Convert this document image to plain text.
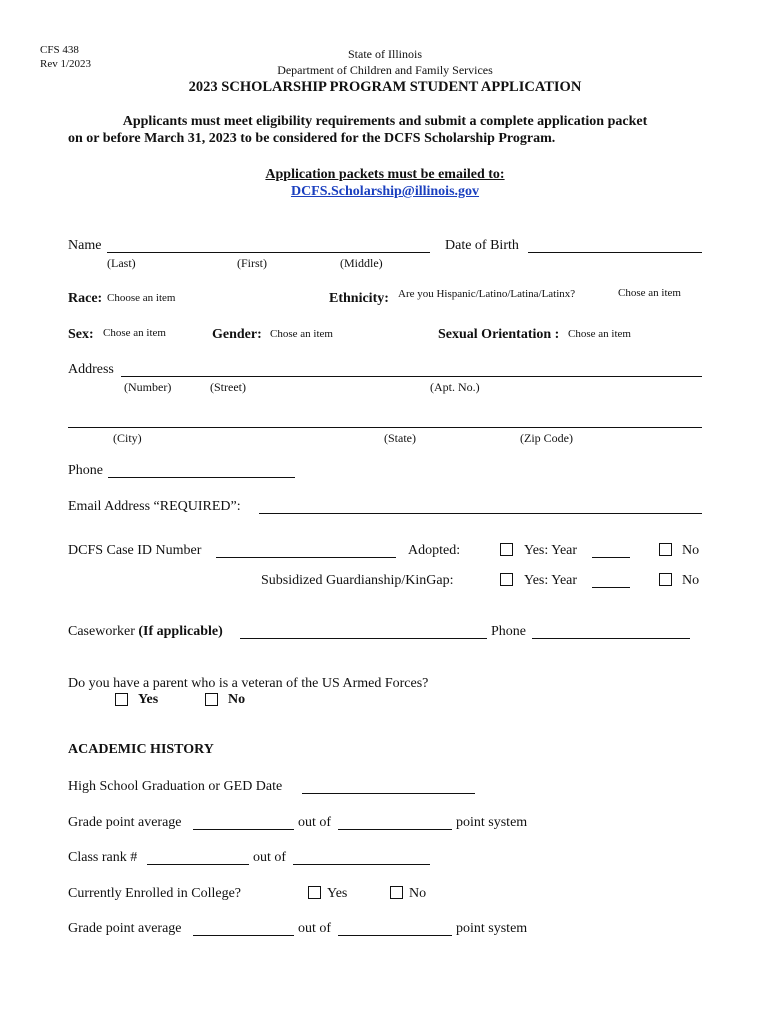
CFS 438
Rev 1/2023
State of Illinois
Department of Children and Family Services
2023 SCHOLARSHIP PROGRAM STUDENT APPLICATION
Applicants must meet eligibility requirements and submit a complete application packet
on or before March 31, 2023 to be considered for the DCFS Scholarship Program.
Application packets must be emailed to:
DCFS.Scholarship@illinois.gov
Name
(Last)	(First)	(Middle)
Date of Birth
Race: Choose an item	Ethnicity: Are you Hispanic/Latino/Latina/Latinx?	Chose an item
Sex: Chose an item	Gender: Chose an item	Sexual Orientation : Chose an item
Address
(Number)	(Street)	(Apt. No.)
(City)	(State)	(Zip Code)
Phone
Email Address “REQUIRED”:
DCFS Case ID Number	Adopted:	Yes: Year	No
Subsidized Guardianship/KinGap:	Yes: Year	No
Caseworker (If applicable)	Phone
Do you have a parent who is a veteran of the US Armed Forces?
Yes	No
ACADEMIC HISTORY
High School Graduation or GED Date
Grade point average	out of	point system
Class rank #	out of
Currently Enrolled in College?	Yes	No
Grade point average	out of	point system
